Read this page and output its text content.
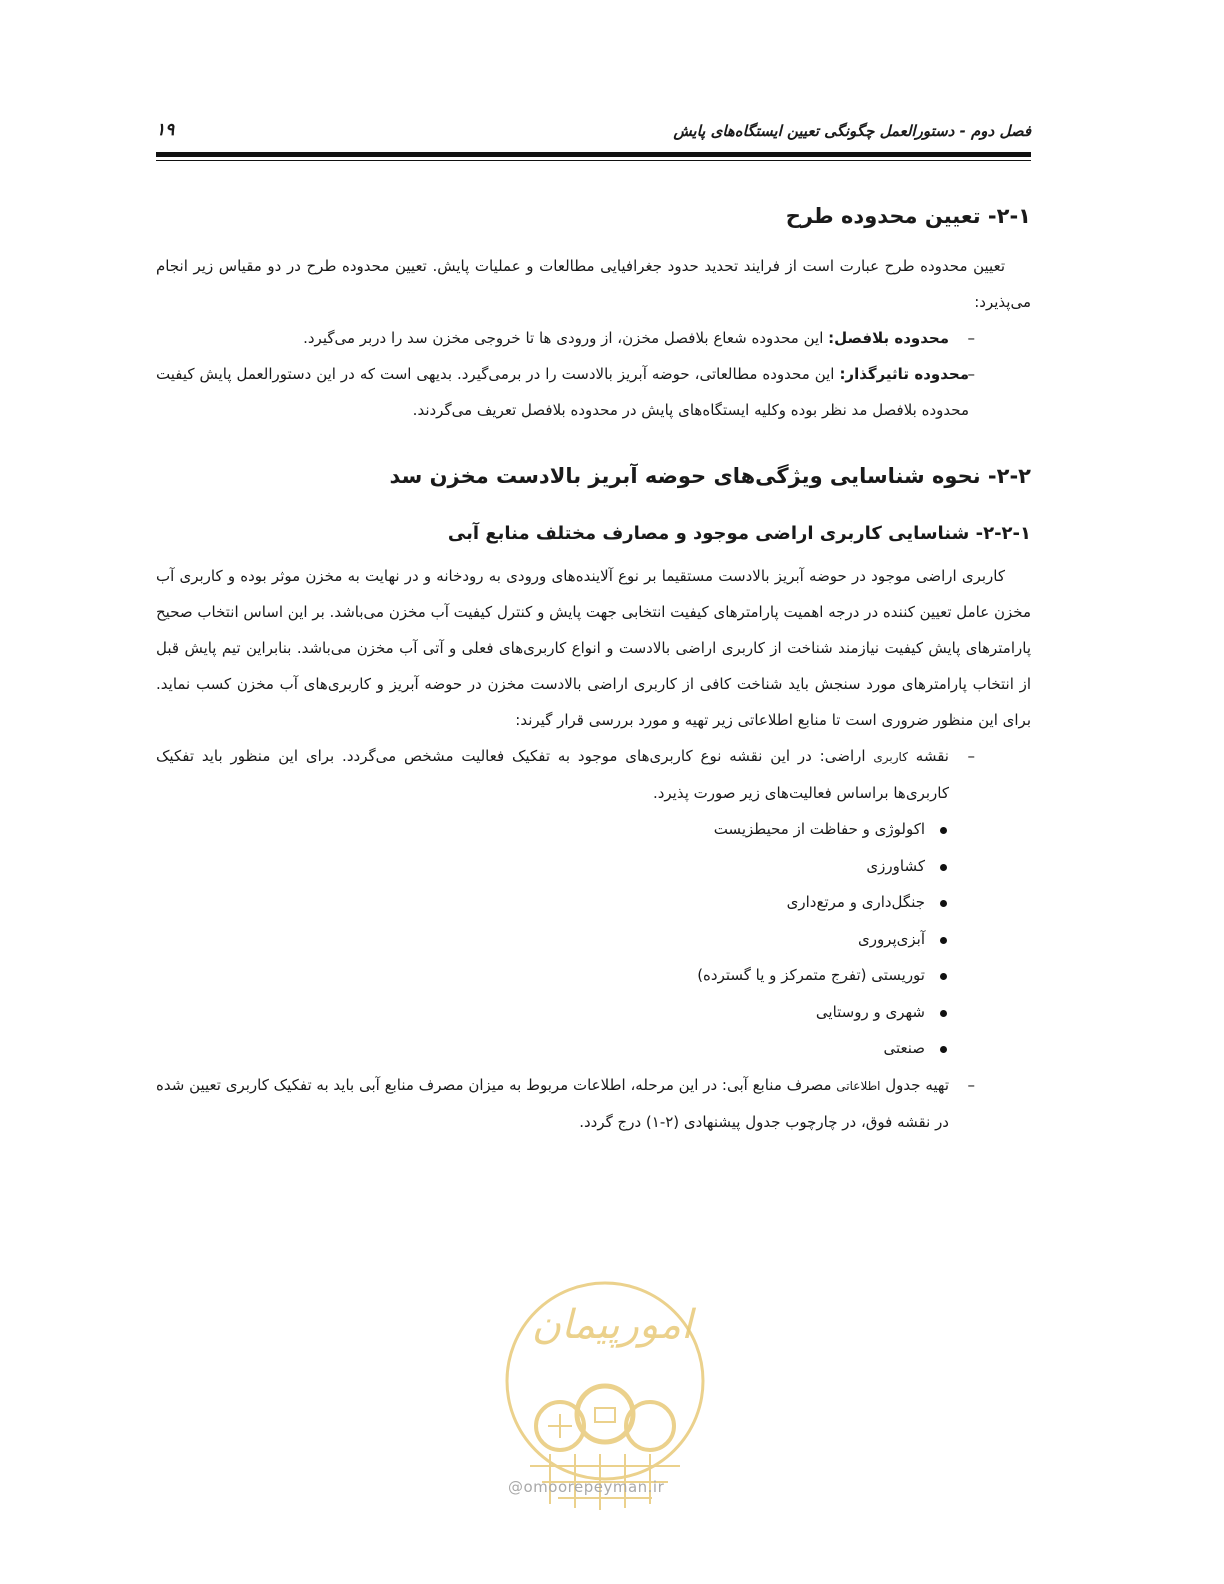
فصل دوم - دستورالعمل چگونگی تعیین ایستگاه‌های پایش
۱۹
۲-۱- تعیین محدوده طرح

تعیین محدوده طرح عبارت است از فرایند تحدید حدود جغرافیایی مطالعات و عملیات پایش. تعیین محدوده طرح در دو مقیاس زیر انجام می‌پذیرد:

–
محدوده بلافصل: این محدوده شعاع بلافصل مخزن، از ورودی ها تا خروجی مخزن سد را دربر می‌گیرد.
–
محدوده تاثیرگذار: این محدوده مطالعاتی، حوضه آبریز بالادست را در برمی‌گیرد. بدیهی است که در این دستورالعمل پایش کیفیت محدوده بلافصل مد نظر بوده وکلیه ایستگاه‌های پایش در محدوده بلافصل تعریف می‌گردند.
۲-۲- نحوه شناسایی ویژگی‌های حوضه آبریز بالادست مخزن سد
۲-۲-۱- شناسایی کاربری اراضی موجود و مصارف مختلف منابع آبی

کاربری اراضی موجود در حوضه آبریز بالادست مستقیما بر نوع آلاینده‌های ورودی به رودخانه و در نهایت به مخزن موثر بوده و کاربری آب مخزن عامل تعیین کننده در درجه اهمیت پارامترهای کیفیت انتخابی جهت پایش و کنترل کیفیت آب مخزن می‌باشد. بر این اساس انتخاب صحیح پارامترهای پایش کیفیت نیازمند شناخت از کاربری اراضی بالادست و انواع کاربری‌های فعلی و آتی آب مخزن می‌باشد. بنابراین تیم پایش قبل از انتخاب پارامترهای مورد سنجش باید شناخت کافی از کاربری اراضی بالادست مخزن در حوضه آبریز و کاربری‌های آب مخزن کسب نماید. برای این منظور ضروری است تا منابع اطلاعاتی زیر تهیه و مورد بررسی قرار گیرند:

–
نقشه کاربری اراضی: در این نقشه نوع کاربری‌های موجود به تفکیک فعالیت مشخص می‌گردد. برای این منظور باید تفکیک کاربری‌ها براساس فعالیت‌های زیر صورت پذیرد.
اکولوژی و حفاظت از محیطزیست
کشاورزی
جنگل‌داری و مرتع‌داری
آبزی‌پروری
توریستی (تفرج متمرکز و یا گسترده)
شهری و روستایی
صنعتی
–
تهیه جدول اطلاعاتی مصرف منابع آبی: در این مرحله، اطلاعات مربوط به میزان مصرف منابع آبی باید به تفکیک کاربری تعیین شده در نقشه فوق، در چارچوب جدول پیشنهادی (۲-۱) درج گردد.
امورپیمان
@omoorepeyman.ir
